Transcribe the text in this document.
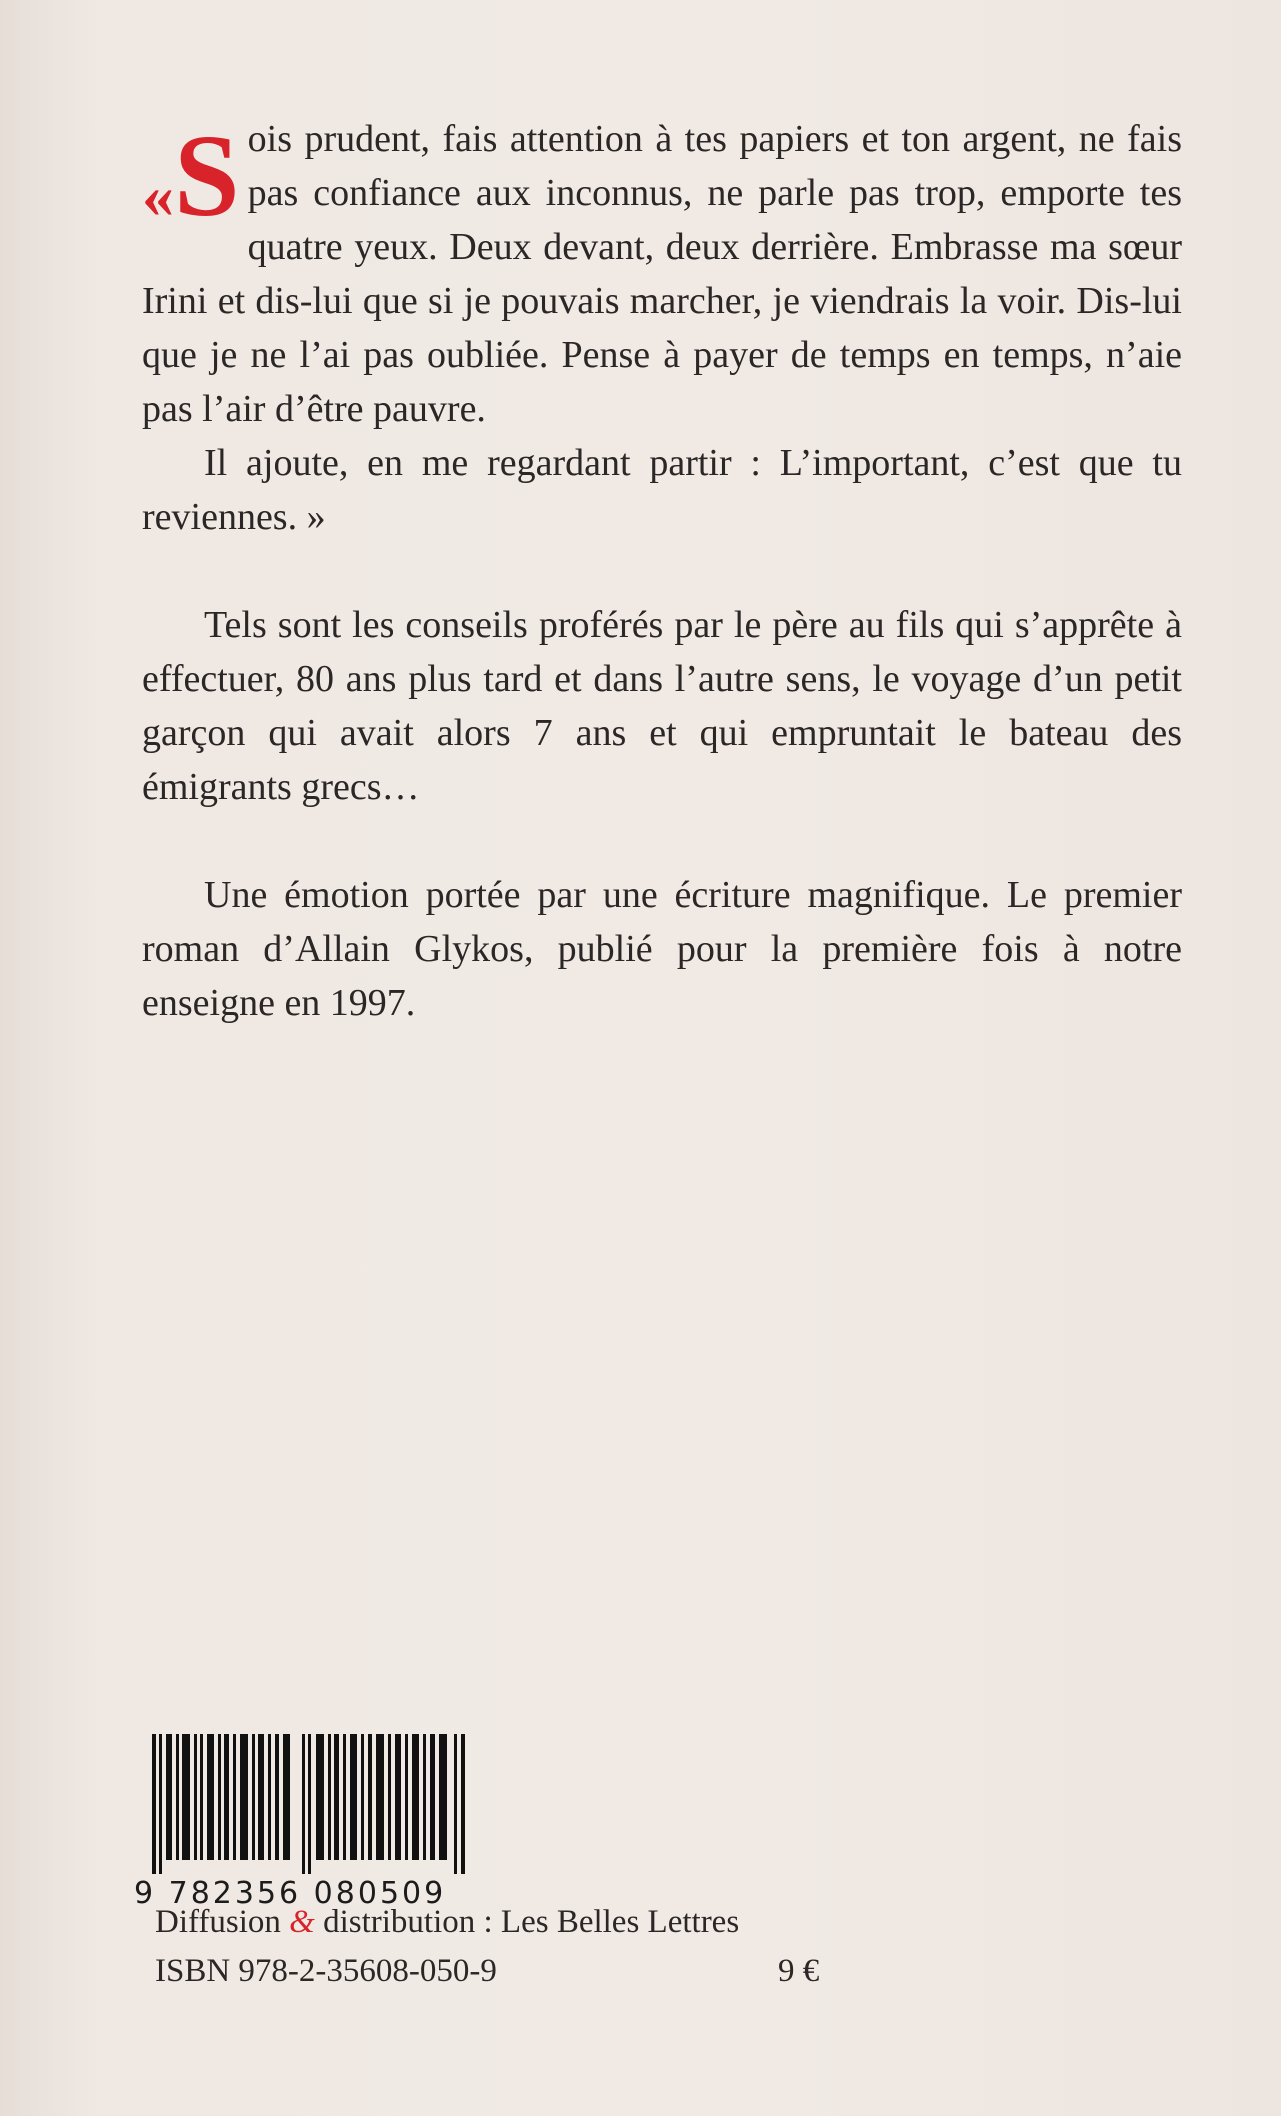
« S ois prudent, fais attention à tes papiers et ton argent, ne fais pas confiance aux inconnus, ne parle pas trop, emporte tes quatre yeux. Deux devant, deux derrière. Embrasse ma sœur Irini et dis-lui que si je pouvais marcher, je viendrais la voir. Dis-lui que je ne l’ai pas oubliée. Pense à payer de temps en temps, n’aie pas l’air d’être pauvre.

Il ajoute, en me regardant partir : L’important, c’est que tu reviennes. »

Tels sont les conseils proférés par le père au fils qui s’apprête à effectuer, 80 ans plus tard et dans l’autre sens, le voyage d’un petit garçon qui avait alors 7 ans et qui empruntait le bateau des émigrants grecs…

Une émotion portée par une écriture magnifique. Le premier roman d’Allain Glykos, publié pour la première fois à notre enseigne en 1997.

9 782356 080509
Diffusion & distribution : Les Belles Lettres
ISBN 978-2-35608-050-9	9 €
